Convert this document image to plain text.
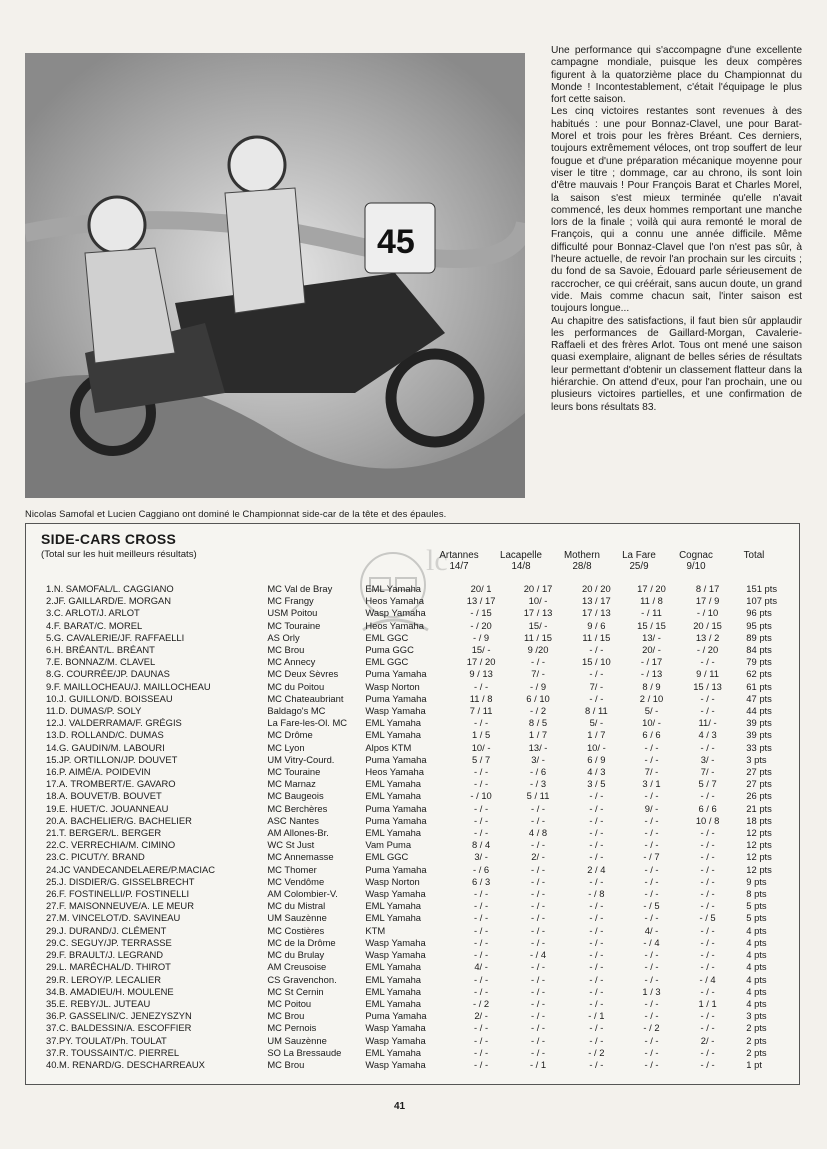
45
Nicolas Samofal et Lucien Caggiano ont dominé le Championnat side-car de la tête et des épaules.

Une performance qui s'accompagne d'une excellente campagne mondiale, puisque les deux compères figurent à la quatorzième place du Championnat du Monde ! Incontestablement, c'était l'équipage le plus fort cette saison.

Les cinq victoires restantes sont revenues à des habitués : une pour Bonnaz-Clavel, une pour Barat-Morel et trois pour les frères Bréant. Ces derniers, toujours extrêmement véloces, ont trop souffert de leur fougue et d'une préparation mécanique moyenne pour viser le titre ; dommage, car au chrono, ils sont loin d'être mauvais ! Pour François Barat et Charles Morel, la saison s'est mieux terminée qu'elle n'avait commencé, les deux hommes remportant une manche lors de la finale ; voilà qui aura remonté le moral de François, qui a connu une année difficile. Même difficulté pour Bonnaz-Clavel que l'on n'est pas sûr, à l'heure actuelle, de revoir l'an prochain sur les circuits ; du fond de sa Savoie, Édouard parle sérieusement de raccrocher, ce qui créérait, sans aucun doute, un grand vide. Mais comme chacun sait, l'inter saison est toujours longue...

Au chapitre des satisfactions, il faut bien sûr applaudir les performances de Gaillard-Morgan, Cavalerie-Raffaeli et des frères Arlot. Tous ont mené une saison quasi exemplaire, alignant de belles séries de résultats leur permettant d'obtenir un classement flatteur dans la hiérarchie. On attend d'eux, pour l'an prochain, une ou plusieurs victoires partielles, et une confirmation de leurs bons résultats 83.

SIDE-CARS CROSS
(Total sur les huit meilleurs résultats)	lc
Artannes
14/7
Lacapelle
14/8
Mothern
28/8
La Fare
25/9
Cognac
9/10
Total
1.N. SAMOFAL/L. CAGGIANO	MC Val de Bray	EML Yamaha	20/ 1	20 / 17	20 / 20	17 / 20	8 / 17	151 pts
2.JF. GAILLARD/E. MORGAN	MC Frangy	Heos Yamaha	13 / 17	10/ -	13 / 17	11 / 8	17 / 9	107 pts
3.C. ARLOT/J. ARLOT	USM Poitou	Wasp Yamaha	- / 15	17 / 13	17 / 13	- / 11	- / 10	96 pts
4.F. BARAT/C. MOREL	MC Touraine	Heos Yamaha	- / 20	15/ -	9 / 6	15 / 15	20 / 15	95 pts
5.G. CAVALERIE/JF. RAFFAELLI	AS Orly	EML GGC	- / 9	11 / 15	11 / 15	13/ -	13 / 2	89 pts
6.H. BRÉANT/L. BRÉANT	MC Brou	Puma GGC	15/ -	9 /20	- / -	20/ -	- / 20	84 pts
7.E. BONNAZ/M. CLAVEL	MC Annecy	EML GGC	17 / 20	- / -	15 / 10	- / 17	- / -	79 pts
8.G. COURRÉE/JP. DAUNAS	MC Deux Sèvres	Puma Yamaha	9 / 13	7/ -	- / -	- / 13	9 / 11	62 pts
9.F. MAILLOCHEAU/J. MAILLOCHEAU	MC du Poitou	Wasp Norton	- / -	- / 9	7/ -	8 / 9	15 / 13	61 pts
10.J. GUILLON/D. BOISSEAU	MC Chateaubriant	Puma Yamaha	11 / 8	6 / 10	- / -	2 / 10	- / -	47 pts
11.D. DUMAS/P. SOLY	Baldago's MC	Wasp Yamaha	7 / 11	- / 2	8 / 11	5/ -	- / -	44 pts
12.J. VALDERRAMA/F. GRÉGIS	La Fare-les-Ol. MC	EML Yamaha	- / -	8 / 5	5/ -	10/ -	11/ -	39 pts
13.D. ROLLAND/C. DUMAS	MC Drôme	EML Yamaha	1 / 5	1 / 7	1 / 7	6 / 6	4 / 3	39 pts
14.G. GAUDIN/M. LABOURI	MC Lyon	Alpos KTM	10/ -	13/ -	10/ -	- / -	- / -	33 pts
15.JP. ORTILLON/JP. DOUVET	UM Vitry-Courd.	Puma Yamaha	5 / 7	3/ -	6 / 9	- / -	3/ -	3 pts
16.P. AIMÉ/A. POIDEVIN	MC Touraine	Heos Yamaha	- / -	- / 6	4 / 3	7/ -	7/ -	27 pts
17.A. TROMBERT/E. GAVARO	MC Marnaz	EML Yamaha	- / -	- / 3	3 / 5	3 / 1	5 / 7	27 pts
18.A. BOUVET/B. BOUVET	MC Baugeois	EML Yamaha	- / 10	5 / 11	- / -	- / -	- / -	26 pts
19.E. HUET/C. JOUANNEAU	MC Berchères	Puma Yamaha	- / -	- / -	- / -	9/ -	6 / 6	21 pts
20.A. BACHELIER/G. BACHELIER	ASC Nantes	Puma Yamaha	- / -	- / -	- / -	- / -	10 / 8	18 pts
21.T. BERGER/L. BERGER	AM Allones-Br.	EML Yamaha	- / -	4 / 8	- / -	- / -	- / -	12 pts
22.C. VERRECHIA/M. CIMINO	WC St Just	Vam Puma	8 / 4	- / -	- / -	- / -	- / -	12 pts
23.C. PICUT/Y. BRAND	MC Annemasse	EML GGC	3/ -	2/ -	- / -	- / 7	- / -	12 pts
24.JC VANDECANDELAERE/P.MACIAC	MC Thomer	Puma Yamaha	- / 6	- / -	2 / 4	- / -	- / -	12 pts
25.J. DISDIER/G. GISSELBRECHT	MC Vendôme	Wasp Norton	6 / 3	- / -	- / -	- / -	- / -	9 pts
26.F. FOSTINELLI/P. FOSTINELLI	AM Colombier-V.	Wasp Yamaha	- / -	- / -	- / 8	- / -	- / -	8 pts
27.F. MAISONNEUVE/A. LE MEUR	MC du Mistral	EML Yamaha	- / -	- / -	- / -	- / 5	- / -	5 pts
27.M. VINCELOT/D. SAVINEAU	UM Sauzènne	EML Yamaha	- / -	- / -	- / -	- / -	- / 5	5 pts
29.J. DURAND/J. CLÉMENT	MC Costières	KTM	- / -	- / -	- / -	4/ -	- / -	4 pts
29.C. SEGUY/JP. TERRASSE	MC de la Drôme	Wasp Yamaha	- / -	- / -	- / -	- / 4	- / -	4 pts
29.F. BRAULT/J. LEGRAND	MC du Brulay	Wasp Yamaha	- / -	- / 4	- / -	- / -	- / -	4 pts
29.L. MARÉCHAL/D. THIROT	AM Creusoise	EML Yamaha	4/ -	- / -	- / -	- / -	- / -	4 pts
29.R. LEROY/P. LECALIER	CS Gravenchon.	EML Yamaha	- / -	- / -	- / -	- / -	- / 4	4 pts
34.B. AMADIEU/H. MOULENE	MC St Cernin	EML Yamaha	- / -	- / -	- / -	1 / 3	- / -	4 pts
35.E. REBY/JL. JUTEAU	MC Poitou	EML Yamaha	- / 2	- / -	- / -	- / -	1 / 1	4 pts
36.P. GASSELIN/C. JENEZYSZYN	MC Brou	Puma Yamaha	2/ -	- / -	- / 1	- / -	- / -	3 pts
37.C. BALDESSIN/A. ESCOFFIER	MC Pernois	Wasp Yamaha	- / -	- / -	- / -	- / 2	- / -	2 pts
37.PY. TOULAT/Ph. TOULAT	UM Sauzènne	Wasp Yamaha	- / -	- / -	- / -	- / -	2/ -	2 pts
37.R. TOUSSAINT/C. PIERREL	SO La Bressaude	EML Yamaha	- / -	- / -	- / 2	- / -	- / -	2 pts
40.M. RENARD/G. DESCHARREAUX	MC Brou	Wasp Yamaha	- / -	- / 1	- / -	- / -	- / -	1 pt
41
